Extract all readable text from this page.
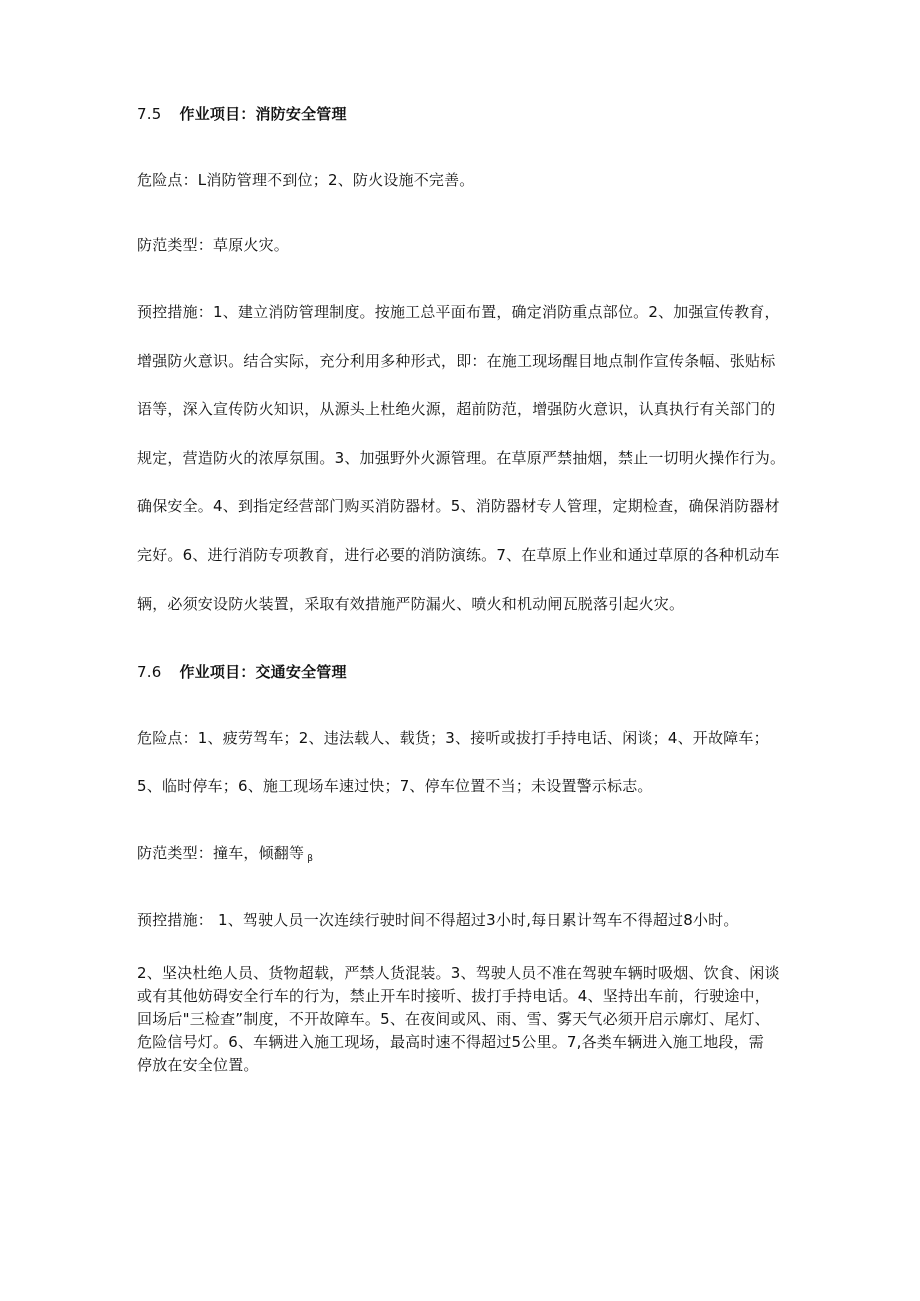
7.5 作业项目：消防安全管理
危险点：L消防管理不到位；2、防火设施不完善。
防范类型：草原火灾。
预控措施：1、建立消防管理制度。按施工总平面布置，确定消防重点部位。2、加强宣传教育，
增强防火意识。结合实际，充分利用多种形式，即：在施工现场醒目地点制作宣传条幅、张贴标
语等，深入宣传防火知识，从源头上杜绝火源，超前防范，增强防火意识，认真执行有关部门的
规定，营造防火的浓厚氛围。3、加强野外火源管理。在草原严禁抽烟，禁止一切明火操作行为。
确保安全。4、到指定经营部门购买消防器材。5、消防器材专人管理，定期检查，确保消防器材
完好。6、进行消防专项教育，进行必要的消防演练。7、在草原上作业和通过草原的各种机动车
辆，必须安设防火装置，采取有效措施严防漏火、喷火和机动闸瓦脱落引起火灾。
7.6 作业项目：交通安全管理
危险点：1、疲劳驾车；2、违法载人、载货；3、接听或拔打手持电话、闲谈；4、开故障车；
5、临时停车；6、施工现场车速过快；7、停车位置不当；未设置警示标志。
防范类型：撞车，倾翻等 $_\beta$
预控措施： 1、驾驶人员一次连续行驶时间不得超过3小时,每日累计驾车不得超过8小时。

2、坚决杜绝人员、货物超载，严禁人货混装。3、驾驶人员不准在驾驶车辆时吸烟、饮食、闲谈

或有其他妨碍安全行车的行为，禁止开车时接听、拔打手持电话。4、坚持出车前，行驶途中，

回场后"三检查”制度，不开故障车。5、在夜间或风、雨、雪、雾天气必须开启示廓灯、尾灯、

危险信号灯。6、车辆进入施工现场，最高时速不得超过5公里。7,各类车辆进入施工地段，需

停放在安全位置。
